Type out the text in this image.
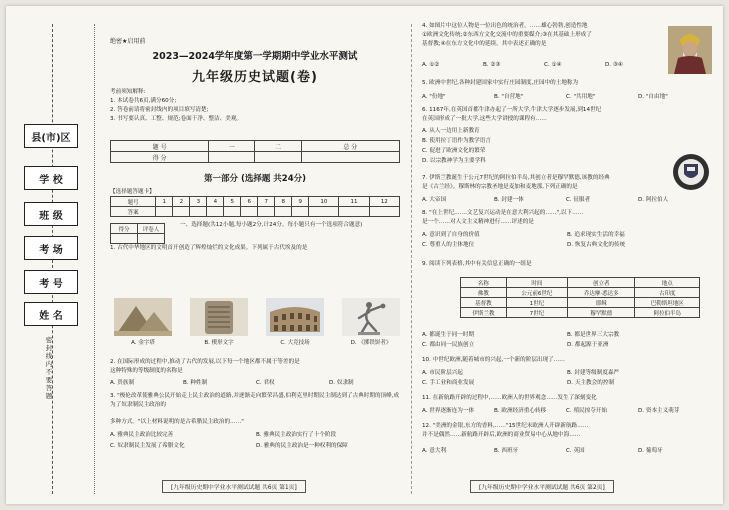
县(市)区
学 校
班 级
考 场
考 号
姓 名
密封线内不要答题
绝密★启用前
2023—2024学年度第一学期期中学业水平测试
九年级历史试题(卷)
考前须知解释:
1. 本试卷共6页,满分60分;
2. 答卷前请将密封线内的项目填写清楚;
3. 书写要认真、工整、规范;卷面干净、整洁、美观。
题 号	一	二	总 分
得 分			
第一部分 (选择题 共24分)
【选择题答题卡】
题号	1	2	3	4	5	6	7	8	9	10	11	12
答案												
得分	评卷人

一、选择题(共12小题,每小题2分,计24分。每小题只有一个选项符合题意)
1. 古代中华地区的文明首开创造了辉煌灿烂的文化成果。下列属于古代埃及的是
A. 金字塔	B. 楔形文字	C. 大竞技场	D. 《掷铁饼者》
2. 在国际形成的过程中,推动了古代的发展,以下每一个地区都不属于等差的是
这种特殊的等级制度的名称是
A. 贵族制	B. 种姓制	C. 君权	D. 奴隶制
3. "梭伦改革使雅典公民开始走上民主政治的道路,并逐渐走向繁荣昌盛,伯利克里时期民主制达到了古典时期的顶峰,成为了奴隶制民主政治的
多种方式。"以上材料说明的是古希腊民主政治的……"
A. 雅典民主政治比较完善	B. 雅典民主政治实行了十个阶段
C. 奴隶制民主发展了希腊文化	D. 雅典的民主政治是一种权利的保障
[九年级历史期中学业水平测试试题 共6页 第1页]
4. 如图片中这位人物是一位出色的统治者。……雄心勃勃,创造性地
①欧洲文化传统;②东西方文化交流中的重要媒介;③在其基础上形成了
基督教;④在东方文化中的延续。其中表述正确的是
A. ①②	B. ②③	C. ①④	D. ③④
5. 欧洲中世纪,各种封建国家中实行庄园制度,庄园中的土地称为
A. "份地"	B. "自营地"	C. "共用地"	D. "自由地"
6. 1167年,在英国首都牛津办起了一所大学,牛津大学逐步发展,到14世纪
在英国形成了一批大学,这些大学讲授的课程有……
A. 从人一边用上新教育
B. 使用拉丁语作为教学语言
C. 促进了欧洲文化的繁荣
D. 以宗教神学为主要学科
7. 伊斯兰教诞生于公元7世纪的阿拉伯半岛,其创立者是穆罕默德,该教的经典
是《古兰经》。穆斯林的宗教圣地是麦加和麦地那,下列正确的是
A. 大帝国	B. 封建一体	C. 征服者	D. 阿拉伯人
8. "在上世纪,……文艺复兴运动是在意大利兴起的……",以下……
是一个……对人文主义精神进行……评述的是
A. 意识到了自身的价值	B. 追求现实生活的幸福
C. 尊重人的主体地位	D. 恢复古典文化的传统
9. 阅读下列表格,其中有关信息正确的一组是
名称	时间	创立者	地点
佛教	公元前6世纪	乔达摩·悉达多	古印度
基督教	1世纪	耶稣	巴勒斯坦地区
伊斯兰教	7世纪	穆罕默德	阿拉伯半岛
A. 都诞生于同一时期	B. 都是世界三大宗教
C. 都由同一民族创立	D. 都起源于亚洲
10. 中世纪欧洲,随着城市的兴起,一个新的阶层出现了……
A. 市民阶层兴起	B. 封建等级制度森严
C. 手工业和商业发展	D. 天主教会的控制
11. 在新航路开辟的过程中,……欧洲人的世界观念……发生了深刻变化
A. 世界逐渐连为一体	B. 欧洲经济重心转移	C. 殖民掠夺开始	D. 资本主义萌芽
12. "美洲的金银,东方的香料,……"15世纪末欧洲人开辟新航路……
并不是偶然……新航路开辟后,欧洲的商业贸易中心从地中海……
A. 意大利	B. 西班牙	C. 英国	D. 葡萄牙
[九年级历史期中学业水平测试试题 共6页 第2页]
